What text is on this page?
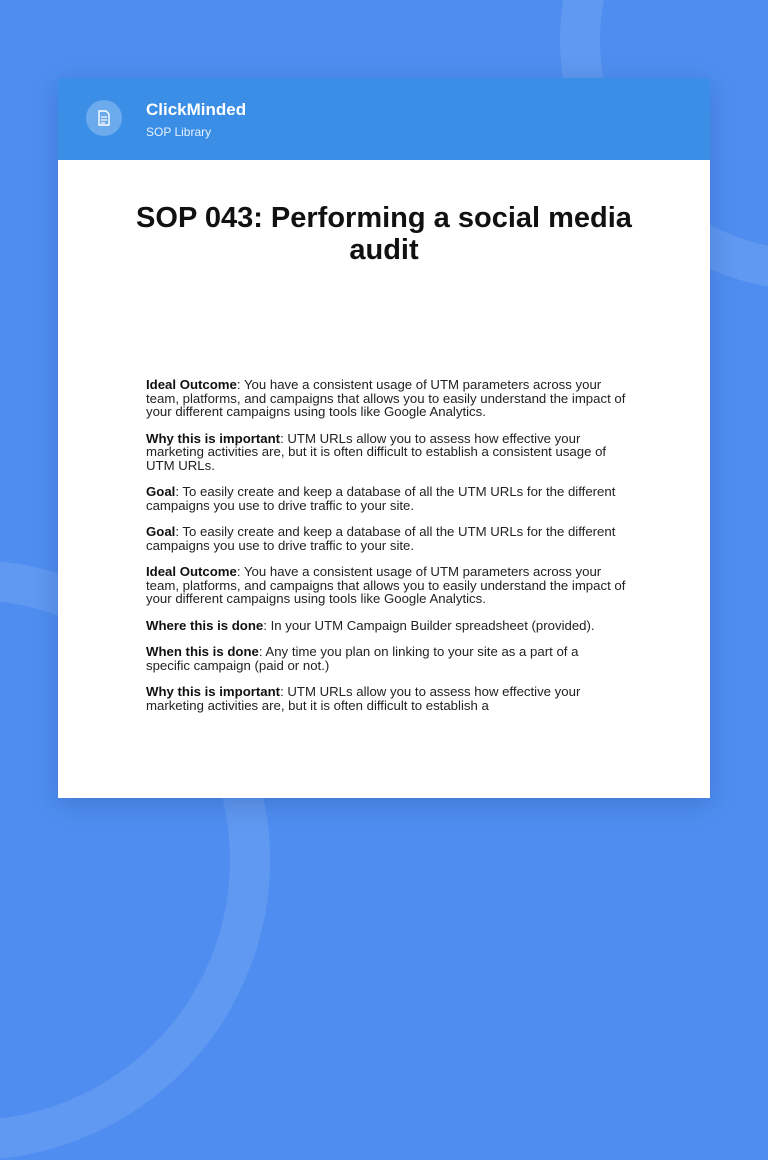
ClickMinded
SOP Library
SOP 043: Performing a social media audit

Ideal Outcome: You have a consistent usage of UTM parameters across your team, platforms, and campaigns that allows you to easily understand the impact of your different campaigns using tools like Google Analytics.

Why this is important: UTM URLs allow you to assess how effective your marketing activities are, but it is often difficult to establish a consistent usage of UTM URLs.

Goal: To easily create and keep a database of all the UTM URLs for the different campaigns you use to drive traffic to your site.

Goal: To easily create and keep a database of all the UTM URLs for the different campaigns you use to drive traffic to your site.

Ideal Outcome: You have a consistent usage of UTM parameters across your team, platforms, and campaigns that allows you to easily understand the impact of your different campaigns using tools like Google Analytics.

Where this is done: In your UTM Campaign Builder spreadsheet (provided).

When this is done: Any time you plan on linking to your site as a part of a specific campaign (paid or not.)

Why this is important: UTM URLs allow you to assess how effective your marketing activities are, but it is often difficult to establish a
